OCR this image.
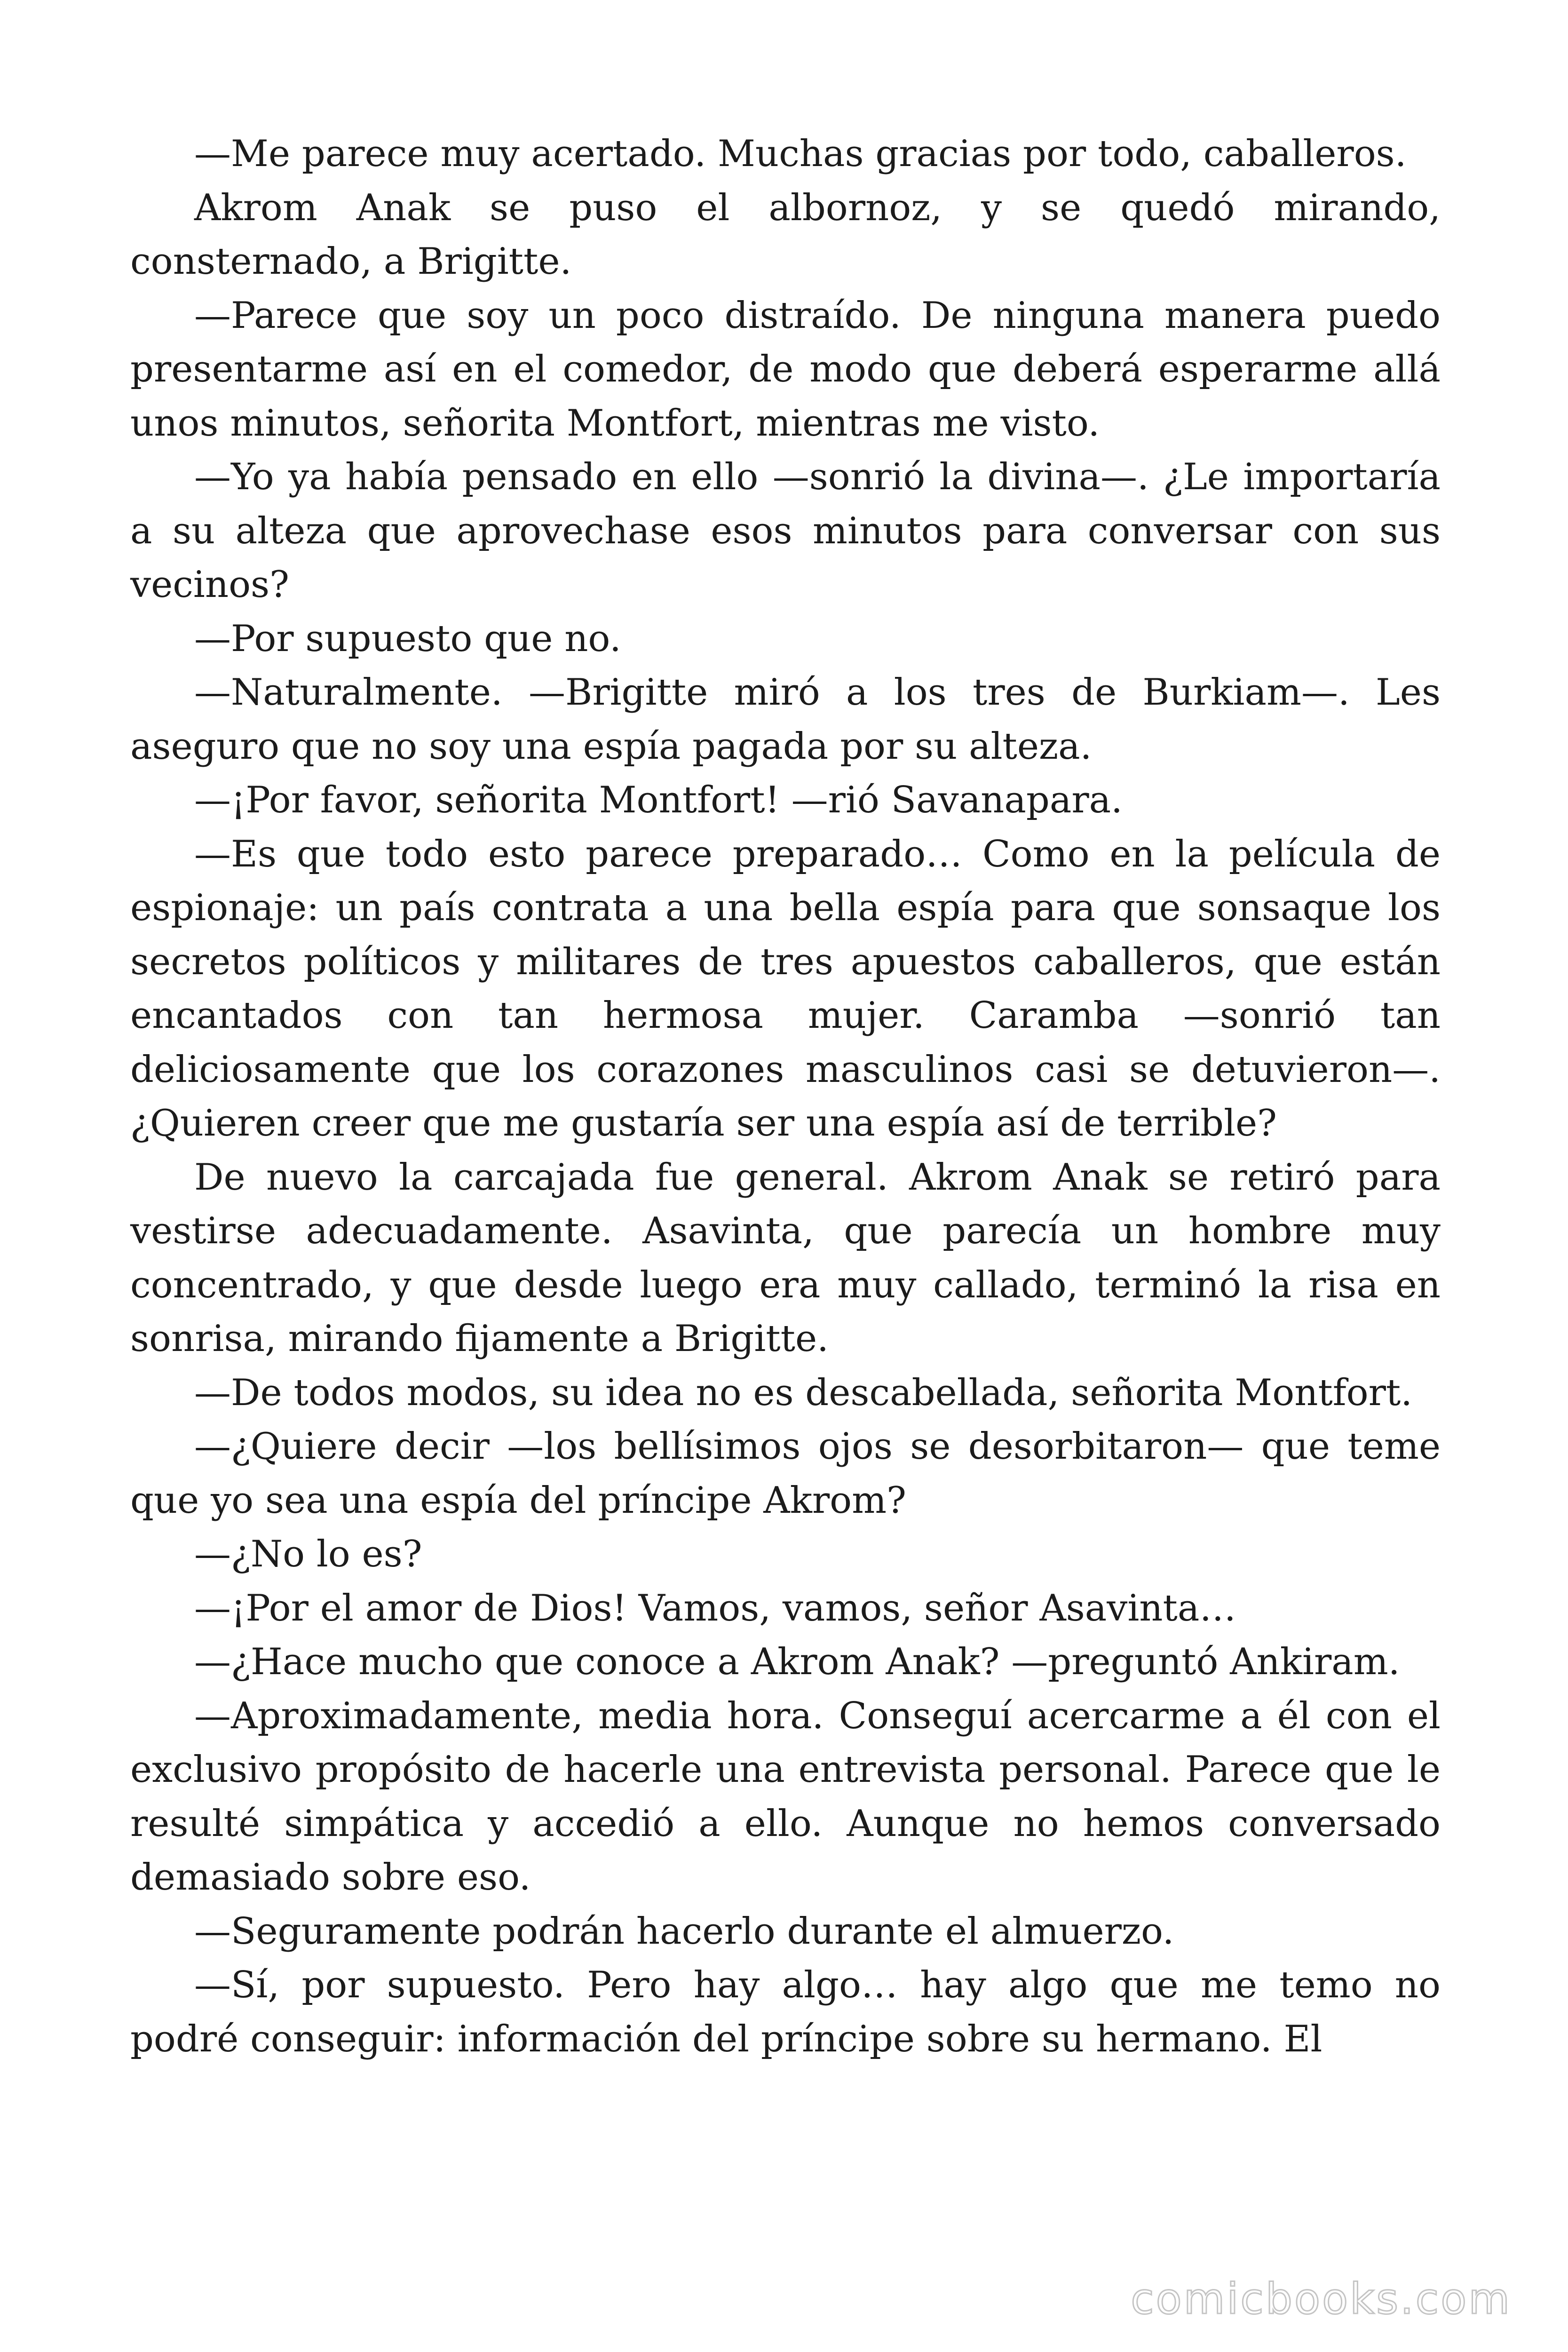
—Me parece muy acertado. Muchas gracias por todo, caballeros.

Akrom Anak se puso el albornoz, y se quedó mirando, consternado, a Brigitte.

—Parece que soy un poco distraído. De ninguna manera puedo presentarme así en el comedor, de modo que deberá esperarme allá unos minutos, señorita Montfort, mientras me visto.

—Yo ya había pensado en ello —sonrió la divina—. ¿Le importaría a su alteza que aprovechase esos minutos para conversar con sus vecinos?

—Por supuesto que no.

—Naturalmente. —Brigitte miró a los tres de Burkiam—. Les aseguro que no soy una espía pagada por su alteza.

—¡Por favor, señorita Montfort! —rió Savanapara.

—Es que todo esto parece preparado… Como en la película de espionaje: un país contrata a una bella espía para que sonsaque los secretos políticos y militares de tres apuestos caballeros, que están encantados con tan hermosa mujer. Caramba —sonrió tan deliciosamente que los corazones masculinos casi se detuvieron—. ¿Quieren creer que me gustaría ser una espía así de terrible?

De nuevo la carcajada fue general. Akrom Anak se retiró para vestirse adecuadamente. Asavinta, que parecía un hombre muy concentrado, y que desde luego era muy callado, terminó la risa en sonrisa, mirando fijamente a Brigitte.

—De todos modos, su idea no es descabellada, señorita Montfort.

—¿Quiere decir —los bellísimos ojos se desorbitaron— que teme que yo sea una espía del príncipe Akrom?

—¿No lo es?

—¡Por el amor de Dios! Vamos, vamos, señor Asavinta…

—¿Hace mucho que conoce a Akrom Anak? —preguntó Ankiram.

—Aproximadamente, media hora. Conseguí acercarme a él con el exclusivo propósito de hacerle una entrevista personal. Parece que le resulté simpática y accedió a ello. Aunque no hemos conversado demasiado sobre eso.

—Seguramente podrán hacerlo durante el almuerzo.

—Sí, por supuesto. Pero hay algo… hay algo que me temo no podré conseguir: información del príncipe sobre su hermano. El

comicbooks.com
